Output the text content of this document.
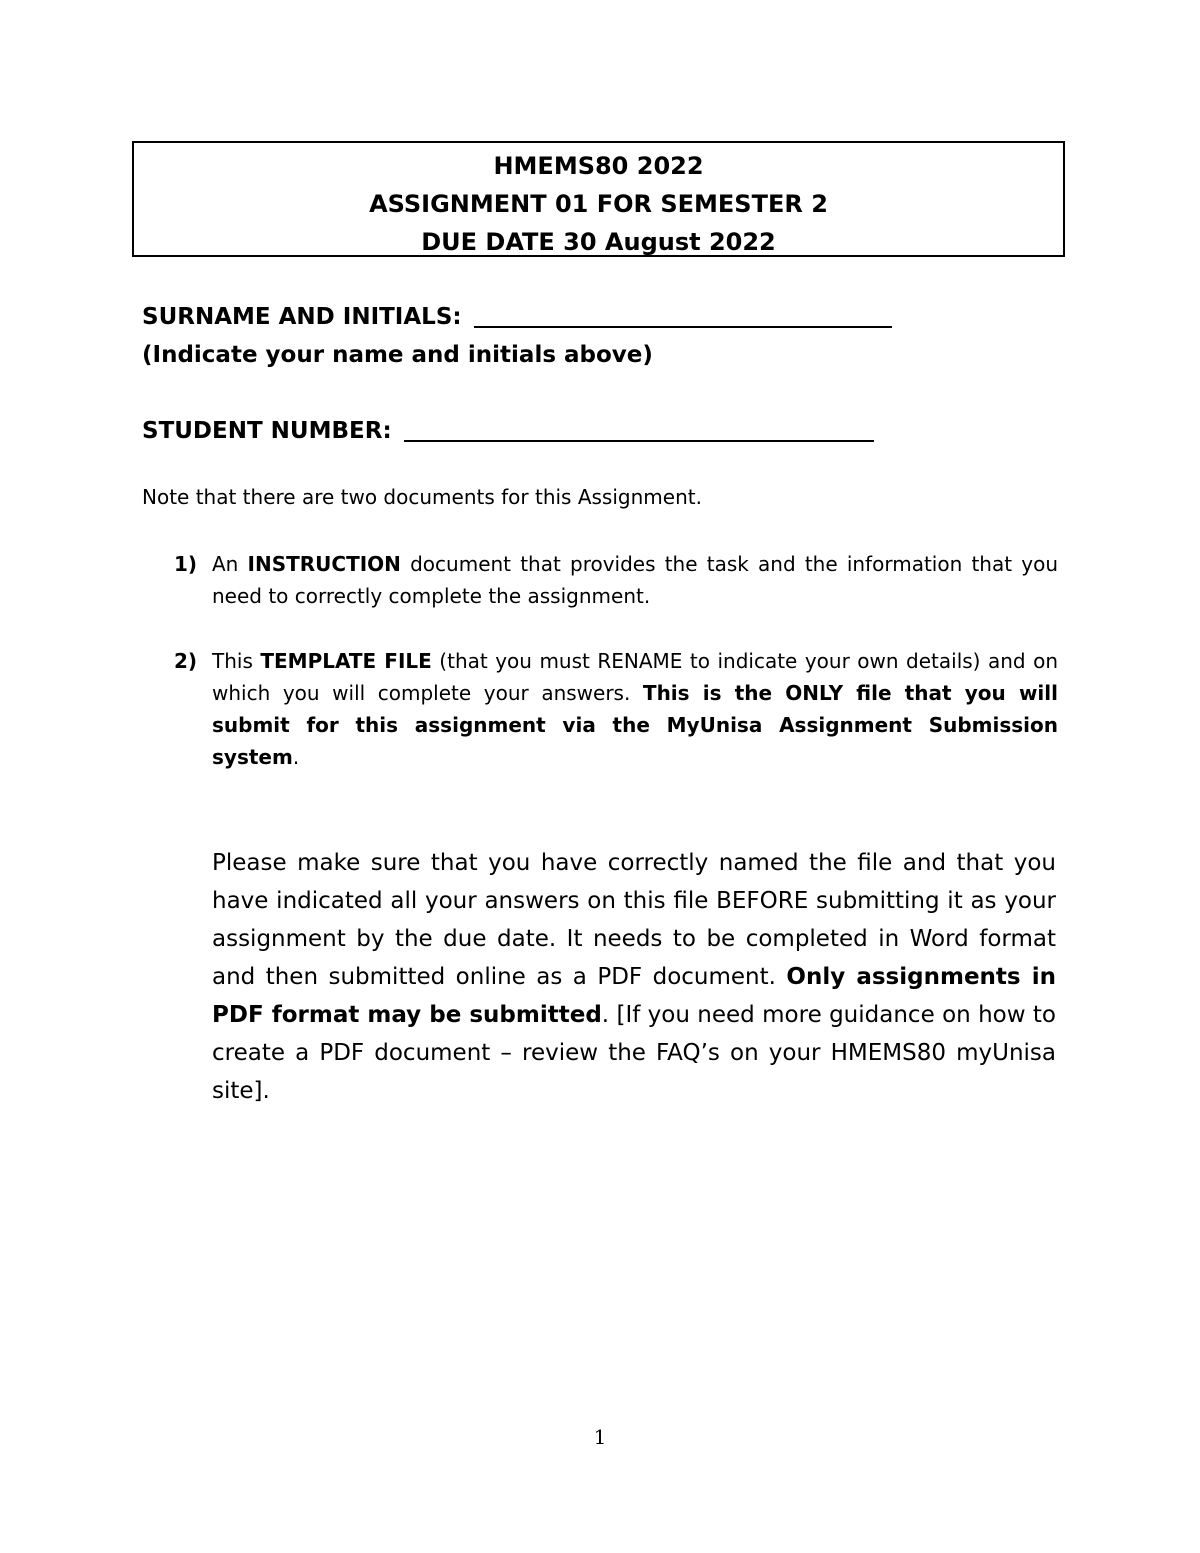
HMEMS80 2022
ASSIGNMENT 01 FOR SEMESTER 2
DUE DATE 30 August 2022
SURNAME AND INITIALS:
(Indicate your name and initials above)
STUDENT NUMBER:
Note that there are two documents for this Assignment.
1) An INSTRUCTION document that provides the task and the information that you need to correctly complete the assignment.
2) This TEMPLATE FILE (that you must RENAME to indicate your own details) and on which you will complete your answers. This is the ONLY file that you will submit for this assignment via the MyUnisa Assignment Submission system.
Please make sure that you have correctly named the file and that you have indicated all your answers on this file BEFORE submitting it as your assignment by the due date. It needs to be completed in Word format and then submitted online as a PDF document. Only assignments in PDF format may be submitted. [If you need more guidance on how to create a PDF document – review the FAQ’s on your HMEMS80 myUnisa site].
1
